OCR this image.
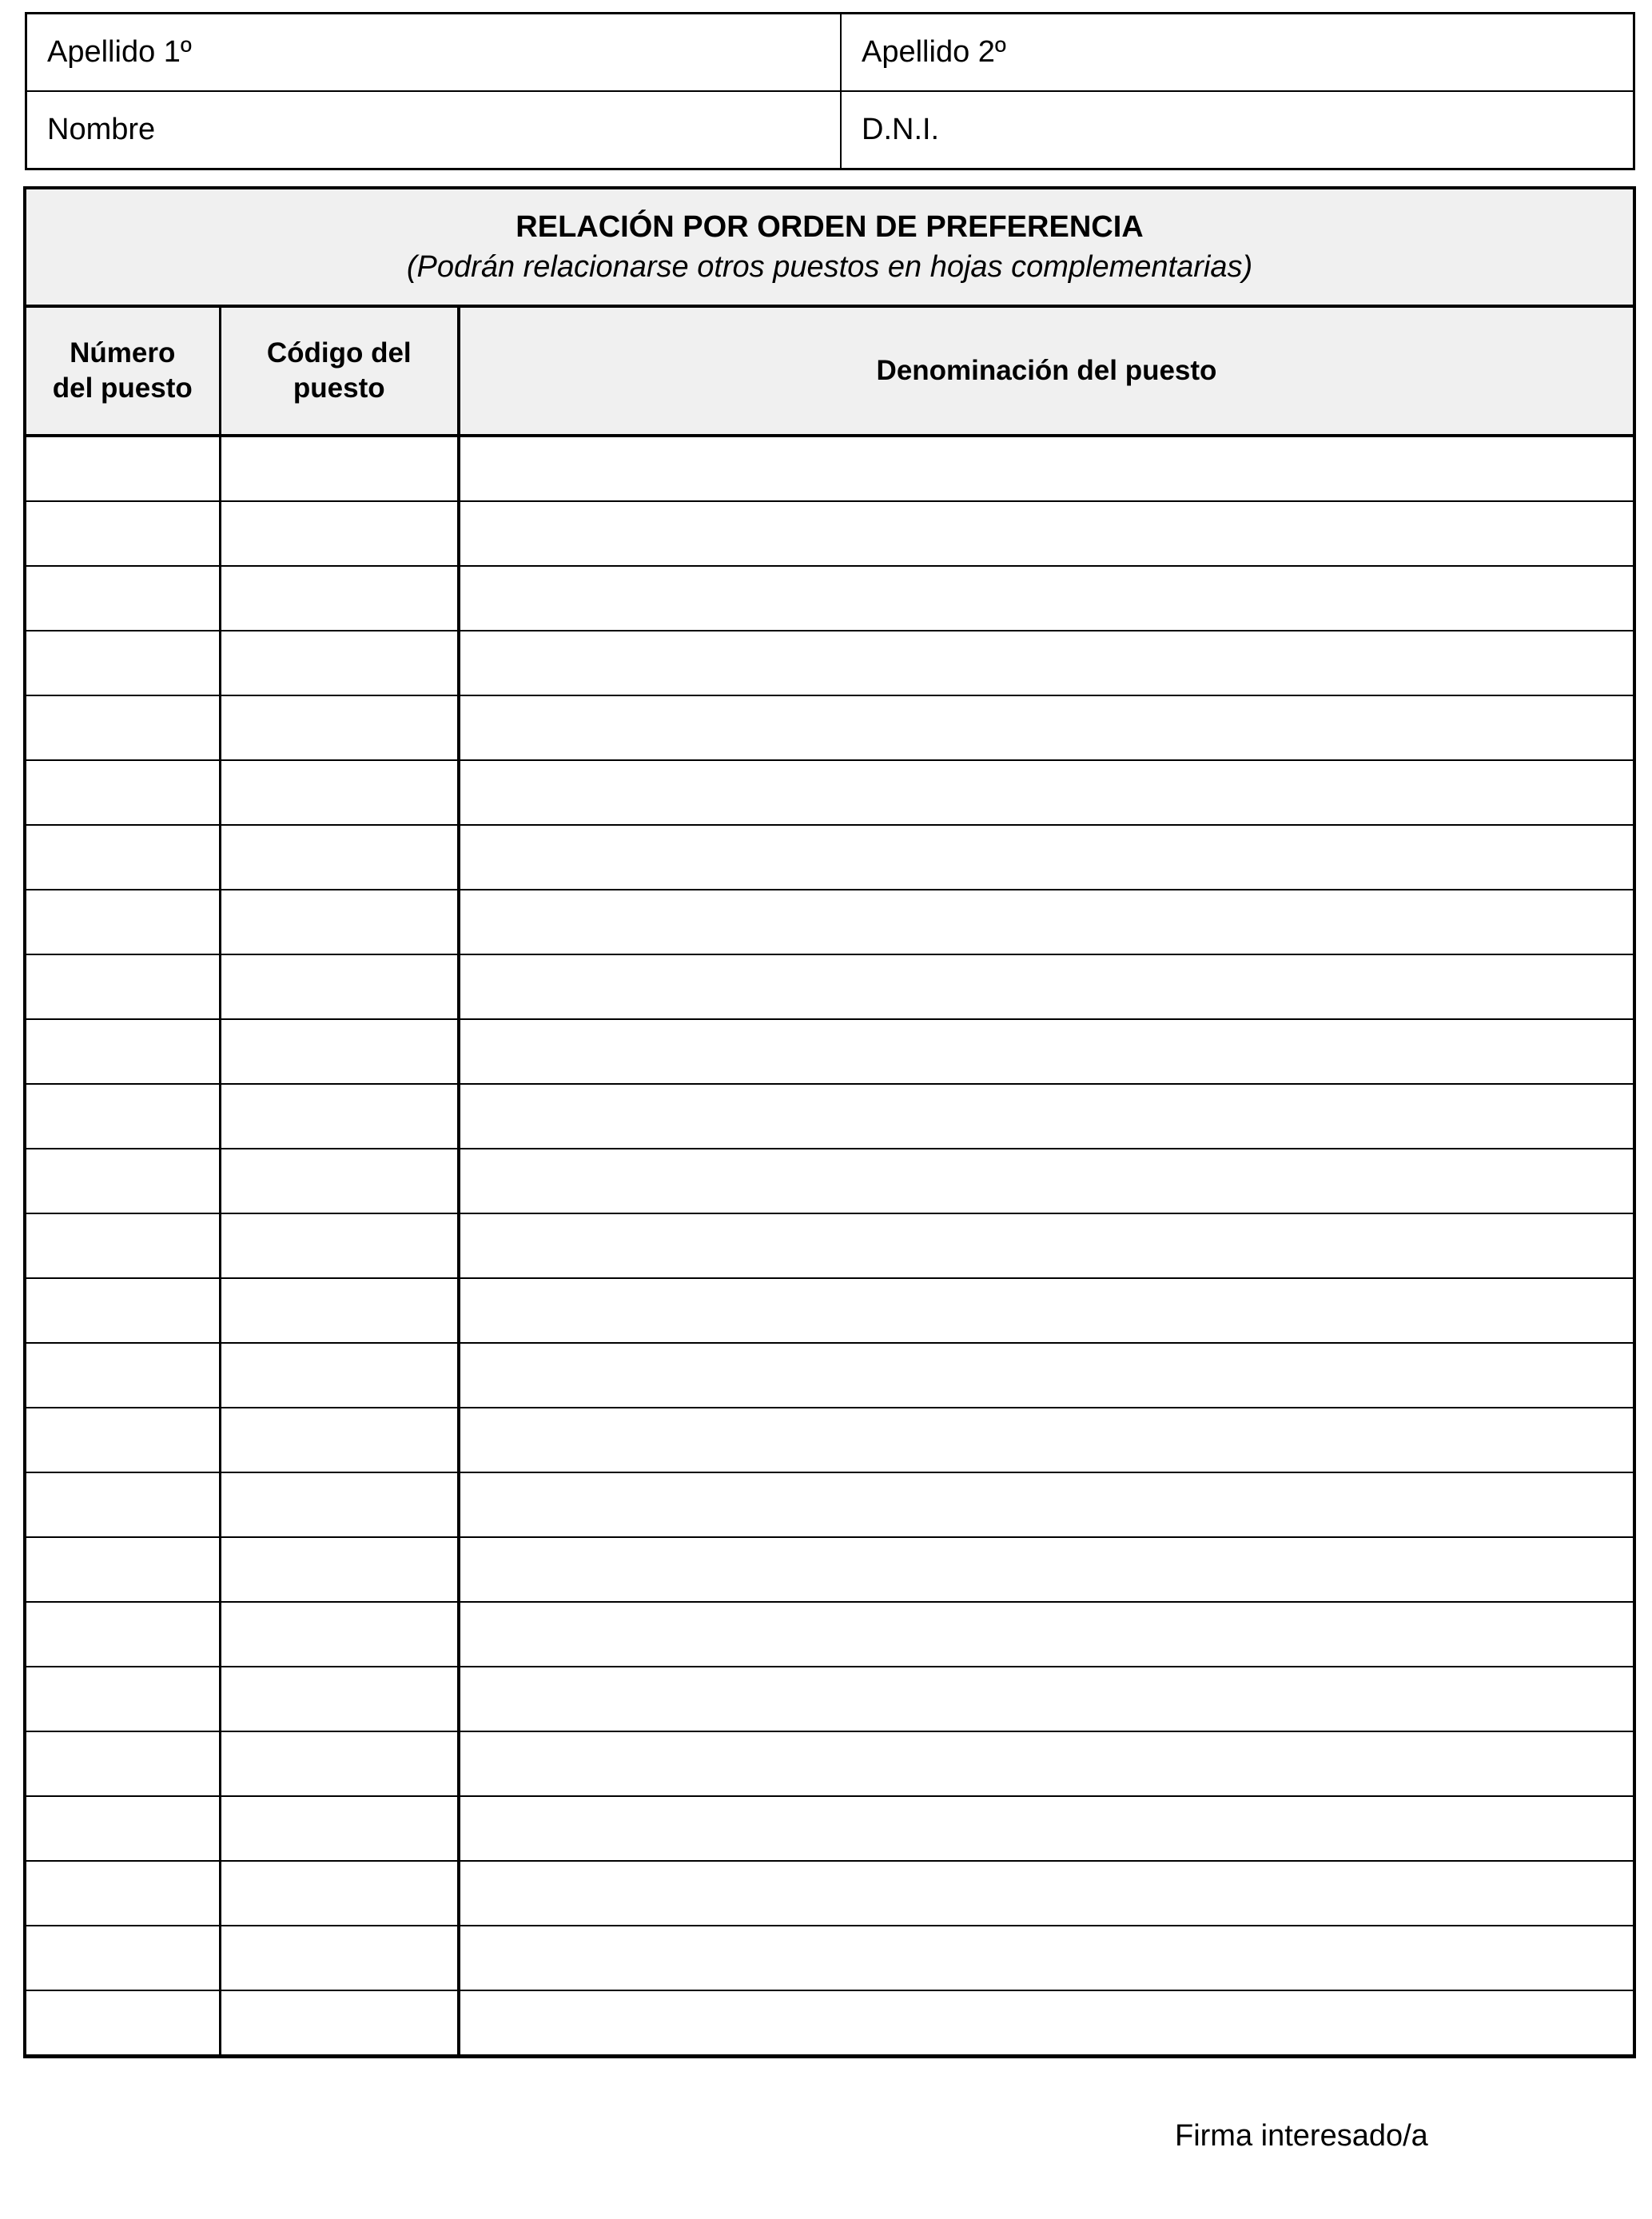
Apellido 1º	Apellido 2º
Nombre	D.N.I.
RELACIÓN POR ORDEN DE PREFERENCIA
(Podrán relacionarse otros puestos en hojas complementarias)		

Número
del puesto

Código del
puesto

Denominación del puesto

Firma interesado/a
